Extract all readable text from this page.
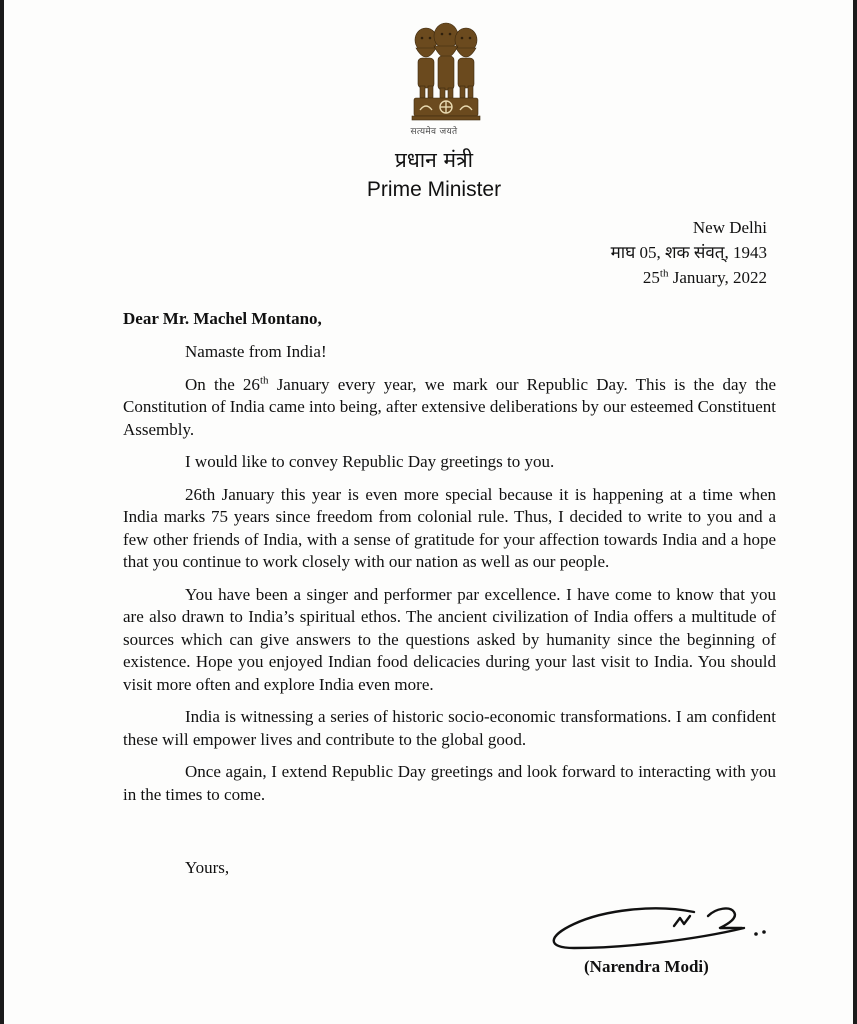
सत्यमेव जयते
प्रधान मंत्री
Prime Minister
New Delhi
माघ 05, शक संवत्, 1943
25th January, 2022
Dear Mr. Machel Montano,

Namaste from India!

On the 26th January every year, we mark our Republic Day. This is the day the Constitution of India came into being, after extensive deliberations by our esteemed Constituent Assembly.

I would like to convey Republic Day greetings to you.

26th January this year is even more special because it is happening at a time when India marks 75 years since freedom from colonial rule. Thus, I decided to write to you and a few other friends of India, with a sense of gratitude for your affection towards India and a hope that you continue to work closely with our nation as well as our people.

You have been a singer and performer par excellence. I have come to know that you are also drawn to India’s spiritual ethos. The ancient civilization of India offers a multitude of sources which can give answers to the questions asked by humanity since the beginning of existence. Hope you enjoyed Indian food delicacies during your last visit to India. You should visit more often and explore India even more.

India is witnessing a series of historic socio-economic transformations. I am confident these will empower lives and contribute to the global good.

Once again, I extend Republic Day greetings and look forward to interacting with you in the times to come.

Yours,
(Narendra Modi)
